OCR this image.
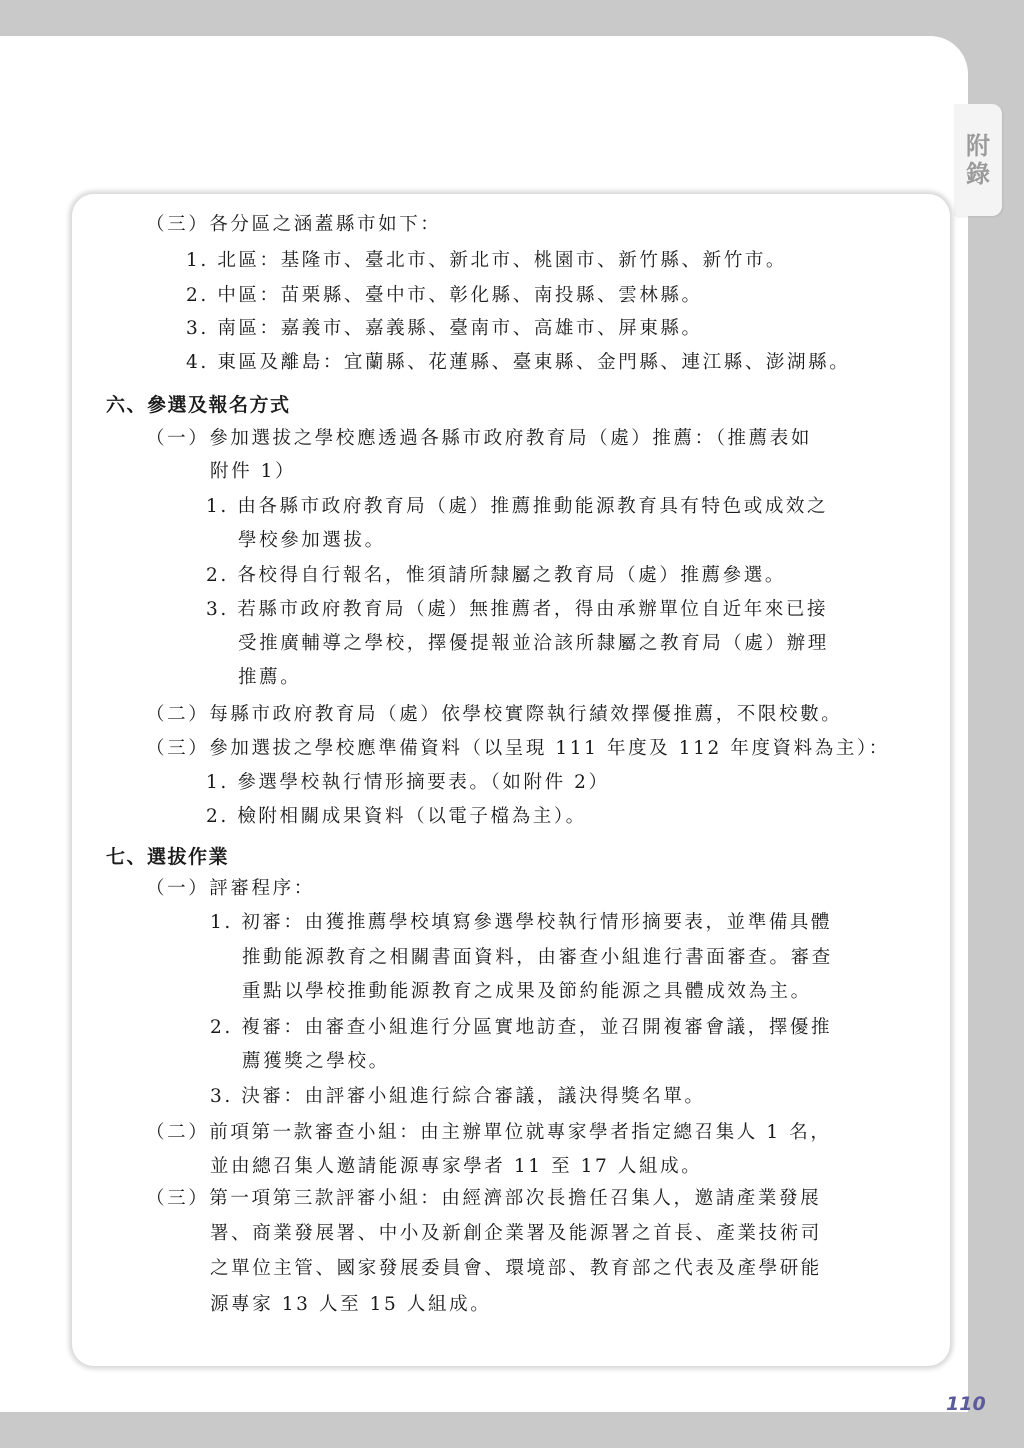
附
錄
（三）各分區之涵蓋縣市如下：
1. 北區：基隆市、臺北市、新北市、桃園市、新竹縣、新竹市。
2. 中區：苗栗縣、臺中市、彰化縣、南投縣、雲林縣。
3. 南區：嘉義市、嘉義縣、臺南市、高雄市、屏東縣。
4. 東區及離島：宜蘭縣、花蓮縣、臺東縣、金門縣、連江縣、澎湖縣。
六、參選及報名方式
（一）參加選拔之學校應透過各縣市政府教育局（處）推薦：（推薦表如
附件 1）
1. 由各縣市政府教育局（處）推薦推動能源教育具有特色或成效之
學校參加選拔。
2. 各校得自行報名，惟須請所隸屬之教育局（處）推薦參選。
3. 若縣市政府教育局（處）無推薦者，得由承辦單位自近年來已接
受推廣輔導之學校，擇優提報並洽該所隸屬之教育局（處）辦理
推薦。
（二）每縣市政府教育局（處）依學校實際執行績效擇優推薦，不限校數。
（三）參加選拔之學校應準備資料（以呈現 111 年度及 112 年度資料為主）：
1. 參選學校執行情形摘要表。（如附件 2）
2. 檢附相關成果資料（以電子檔為主）。
七、選拔作業
（一）評審程序：
1. 初審：由獲推薦學校填寫參選學校執行情形摘要表，並準備具體
推動能源教育之相關書面資料，由審查小組進行書面審查。審查
重點以學校推動能源教育之成果及節約能源之具體成效為主。
2. 複審：由審查小組進行分區實地訪查，並召開複審會議，擇優推
薦獲獎之學校。
3. 決審：由評審小組進行綜合審議，議決得獎名單。
（二）前項第一款審查小組：由主辦單位就專家學者指定總召集人 1 名，
並由總召集人邀請能源專家學者 11 至 17 人組成。
（三）第一項第三款評審小組：由經濟部次長擔任召集人，邀請產業發展
署、商業發展署、中小及新創企業署及能源署之首長、產業技術司
之單位主管、國家發展委員會、環境部、教育部之代表及產學研能
源專家 13 人至 15 人組成。
110
